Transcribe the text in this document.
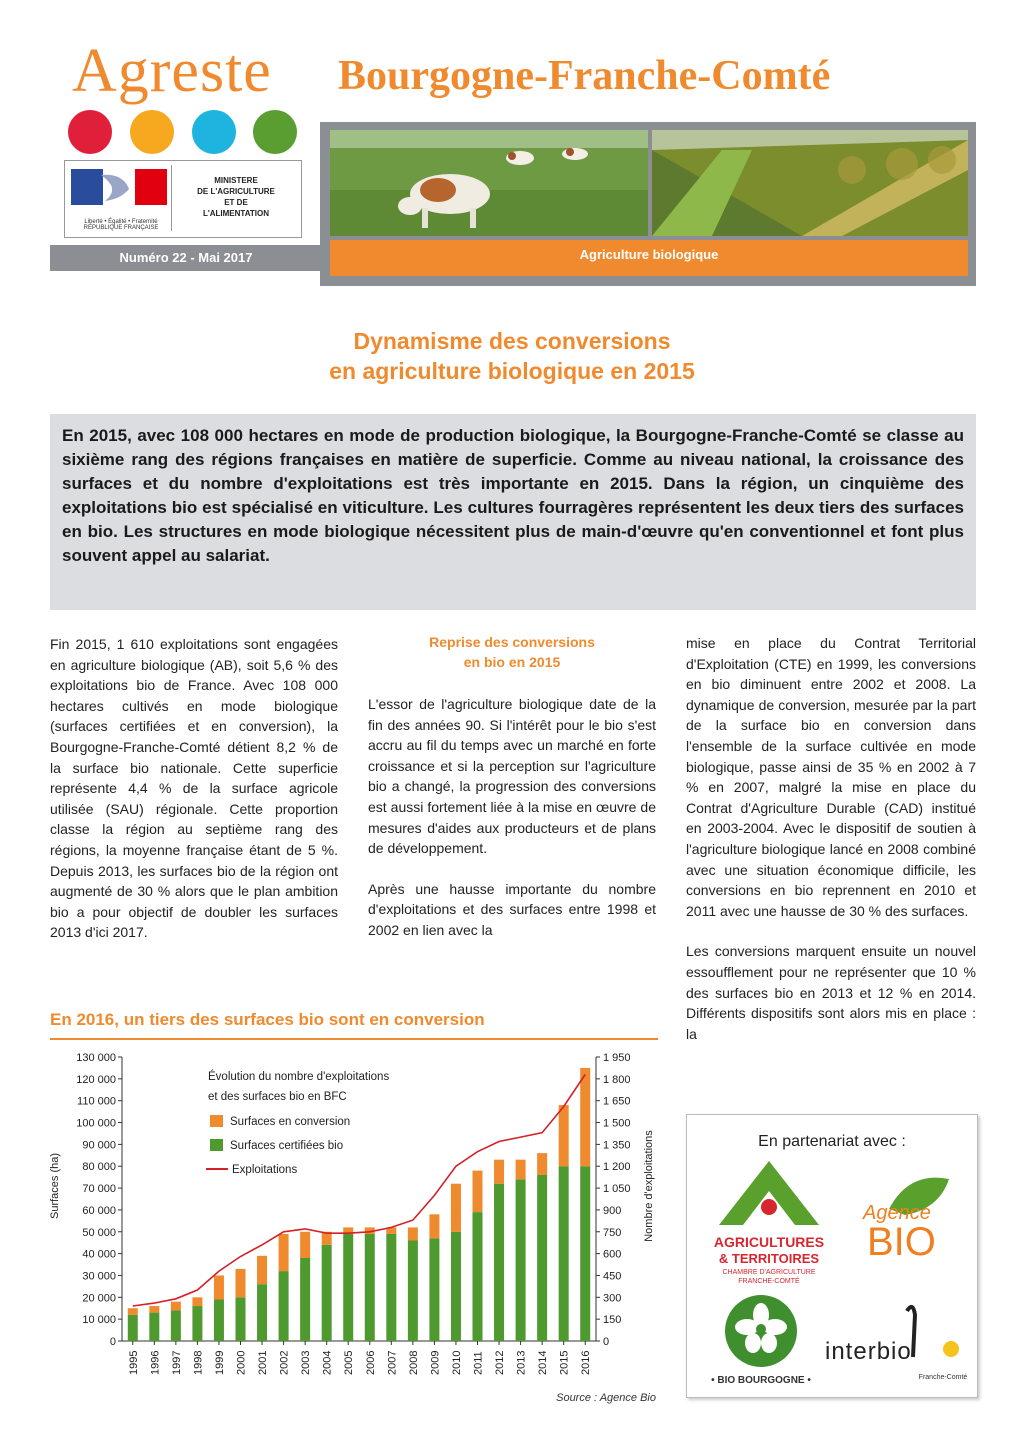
Agreste Bourgogne-Franche-Comté
Liberté • Égalité • Fraternité
RÉPUBLIQUE FRANÇAISE
MINISTERE
DE L'AGRICULTURE
ET DE
L'ALIMENTATION
Numéro 22 - Mai 2017	Agriculture biologique
Dynamisme des conversions
en agriculture biologique en 2015
En 2015, avec 108 000 hectares en mode de production biologique, la Bourgogne-Franche-Comté se classe au sixième rang des régions françaises en matière de superficie. Comme au niveau national, la croissance des surfaces et du nombre d'exploitations est très importante en 2015. Dans la région, un cinquième des exploitations bio est spécialisé en viticulture. Les cultures fourragères représentent les deux tiers des surfaces en bio. Les structures en mode biologique nécessitent plus de main-d'œuvre qu'en conventionnel et font plus souvent appel au salariat.

Fin 2015, 1 610 exploitations sont engagées en agriculture biologique (AB), soit 5,6 % des exploitations bio de France. Avec 108 000 hectares cultivés en mode biologique (surfaces certifiées et en conversion), la Bourgogne-Franche-Comté détient 8,2 % de la surface bio nationale. Cette superficie représente 4,4 % de la surface agricole utilisée (SAU) régionale. Cette proportion classe la région au septième rang des régions, la moyenne française étant de 5 %. Depuis 2013, les surfaces bio de la région ont augmenté de 30 % alors que le plan ambition bio a pour objectif de doubler les surfaces 2013 d'ici 2017.

Reprise des conversions
en bio en 2015

L'essor de l'agriculture biologique date de la fin des années 90. Si l'intérêt pour le bio s'est accru au fil du temps avec un marché en forte croissance et si la perception sur l'agriculture bio a changé, la progression des conversions est aussi fortement liée à la mise en œuvre de mesures d'aides aux producteurs et de plans de développement.

Après une hausse importante du nombre d'exploitations et des surfaces entre 1998 et 2002 en lien avec la

mise en place du Contrat Territorial d'Exploitation (CTE) en 1999, les conversions en bio diminuent entre 2002 et 2008. La dynamique de conversion, mesurée par la part de la surface bio en conversion dans l'ensemble de la surface cultivée en mode biologique, passe ainsi de 35 % en 2002 à 7 % en 2007, malgré la mise en place du Contrat d'Agriculture Durable (CAD) institué en 2003-2004. Avec le dispositif de soutien à l'agriculture biologique lancé en 2008 combiné avec une situation économique difficile, les conversions en bio reprennent en 2010 et 2011 avec une hausse de 30 % des surfaces.

Les conversions marquent ensuite un nouvel essoufflement pour ne représenter que 10 % des surfaces bio en 2013 et 12 % en 2014. Différents dispositifs sont alors mis en place : la

En 2016, un tiers des surfaces bio sont en conversion
0
10 000
20 000
30 000
40 000
50 000
60 000
70 000
80 000
90 000
100 000
110 000
120 000
130 000
0
150
300
450
600
750
900
1 050
1 200
1 350
1 500
1 650
1 800
1 950
1995 1996 1997 1998 1999 2000 2001 2002 2003 2004 2005 2006 2007 2008 2009 2010 2011 2012 2013 2014 2015 2016
Évolution du nombre d'exploitations
et des surfaces bio en BFC
Surfaces en conversion
Surfaces certifiées bio
Exploitations
Surfaces (ha)	Nombre d'exploitations
Source : Agence Bio
En partenariat avec :
AGRICULTURES
& TERRITOIRES
CHAMBRE D'AGRICULTURE
FRANCHE-COMTÉ
Agence
BIO
• BIO BOURGOGNE •
interbio
Franche-Comté
